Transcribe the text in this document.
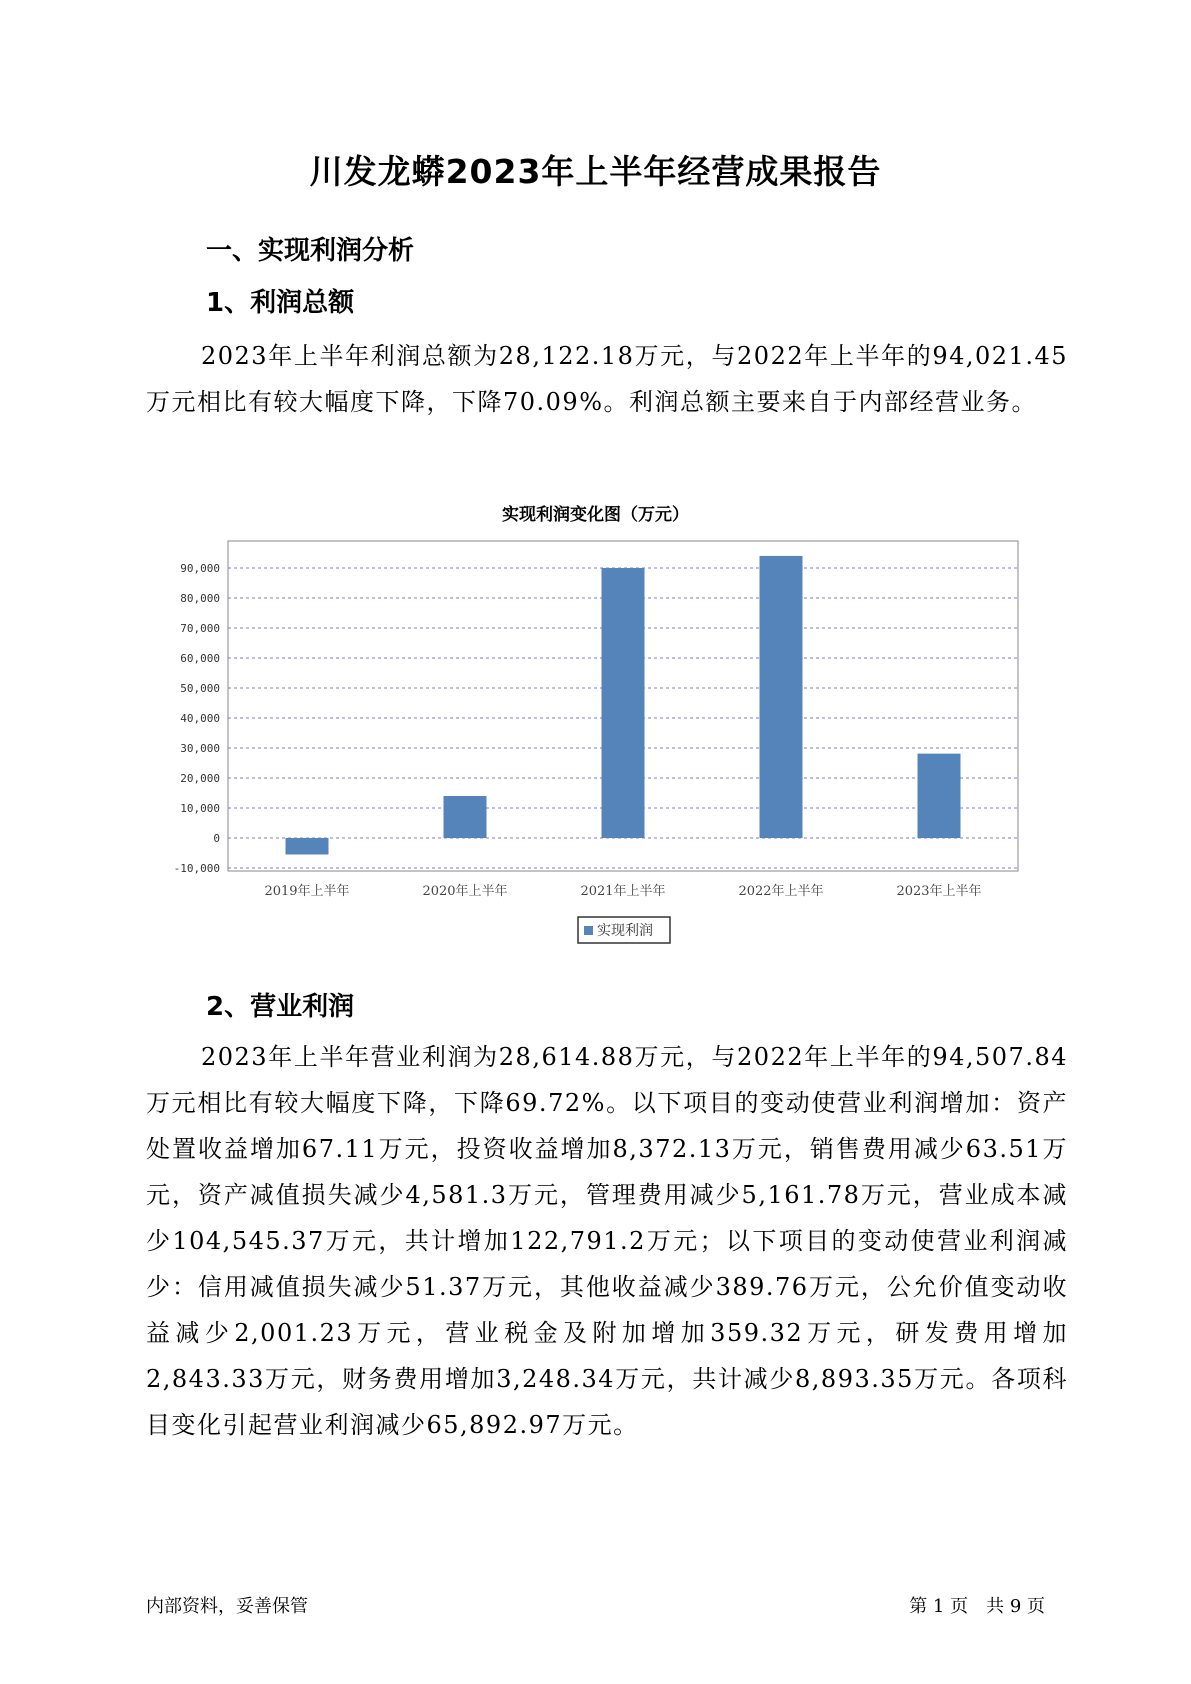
川发龙蟒2023年上半年经营成果报告
一、实现利润分析
1、利润总额

2023年上半年利润总额为28,122.18万元，与2022年上半年的94,021.45万元相比有较大幅度下降，下降70.09%。利润总额主要来自于内部经营业务。

实现利润变化图（万元）
-10,000
0
10,000
20,000
30,000
40,000
50,000
60,000
70,000
80,000
90,000
2019年上半年	2020年上半年	2021年上半年	2022年上半年	2023年上半年
实现利润
2、营业利润

2023年上半年营业利润为28,614.88万元，与2022年上半年的94,507.84万元相比有较大幅度下降，下降69.72%。以下项目的变动使营业利润增加：资产处置收益增加67.11万元，投资收益增加8,372.13万元，销售费用减少63.51万元，资产减值损失减少4,581.3万元，管理费用减少5,161.78万元，营业成本减少104,545.37万元，共计增加122,791.2万元；以下项目的变动使营业利润减少：信用减值损失减少51.37万元，其他收益减少389.76万元，公允价值变动收益减少2,001.23万元，营业税金及附加增加359.32万元，研发费用增加2,843.33万元，财务费用增加3,248.34万元，共计减少8,893.35万元。各项科目变化引起营业利润减少65,892.97万元。

内部资料，妥善保管	第 1 页　共 9 页
